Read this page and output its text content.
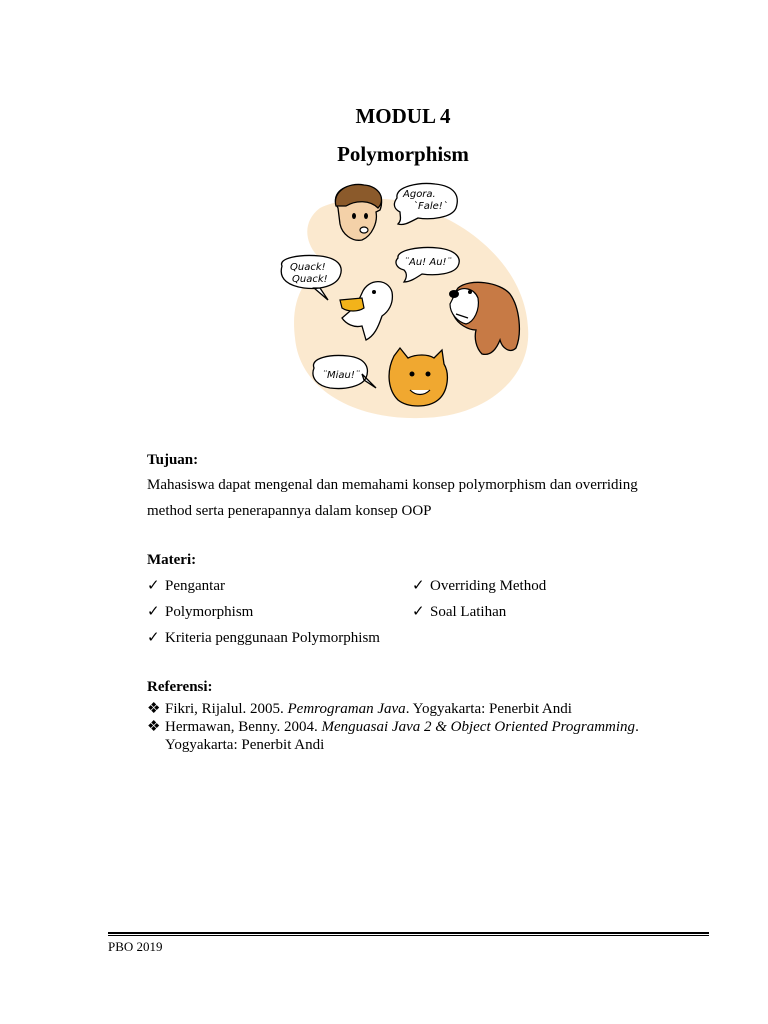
MODUL 4
Polymorphism
Agora.
`Fale!`
Quack!
Quack!
¨Au! Au!¨
¨Miau!¨
Tujuan:
Mahasiswa dapat mengenal dan memahami konsep polymorphism dan overriding
method serta penerapannya dalam konsep OOP
Materi:
✓ Pengantar
✓ Polymorphism
✓ Kriteria penggunaan Polymorphism
✓ Overriding Method
✓ Soal Latihan
Referensi:
❖ Fikri, Rijalul. 2005. Pemrograman Java. Yogyakarta: Penerbit Andi
❖ Hermawan, Benny. 2004. Menguasai Java 2 & Object Oriented Programming.
Yogyakarta: Penerbit Andi
PBO 2019
